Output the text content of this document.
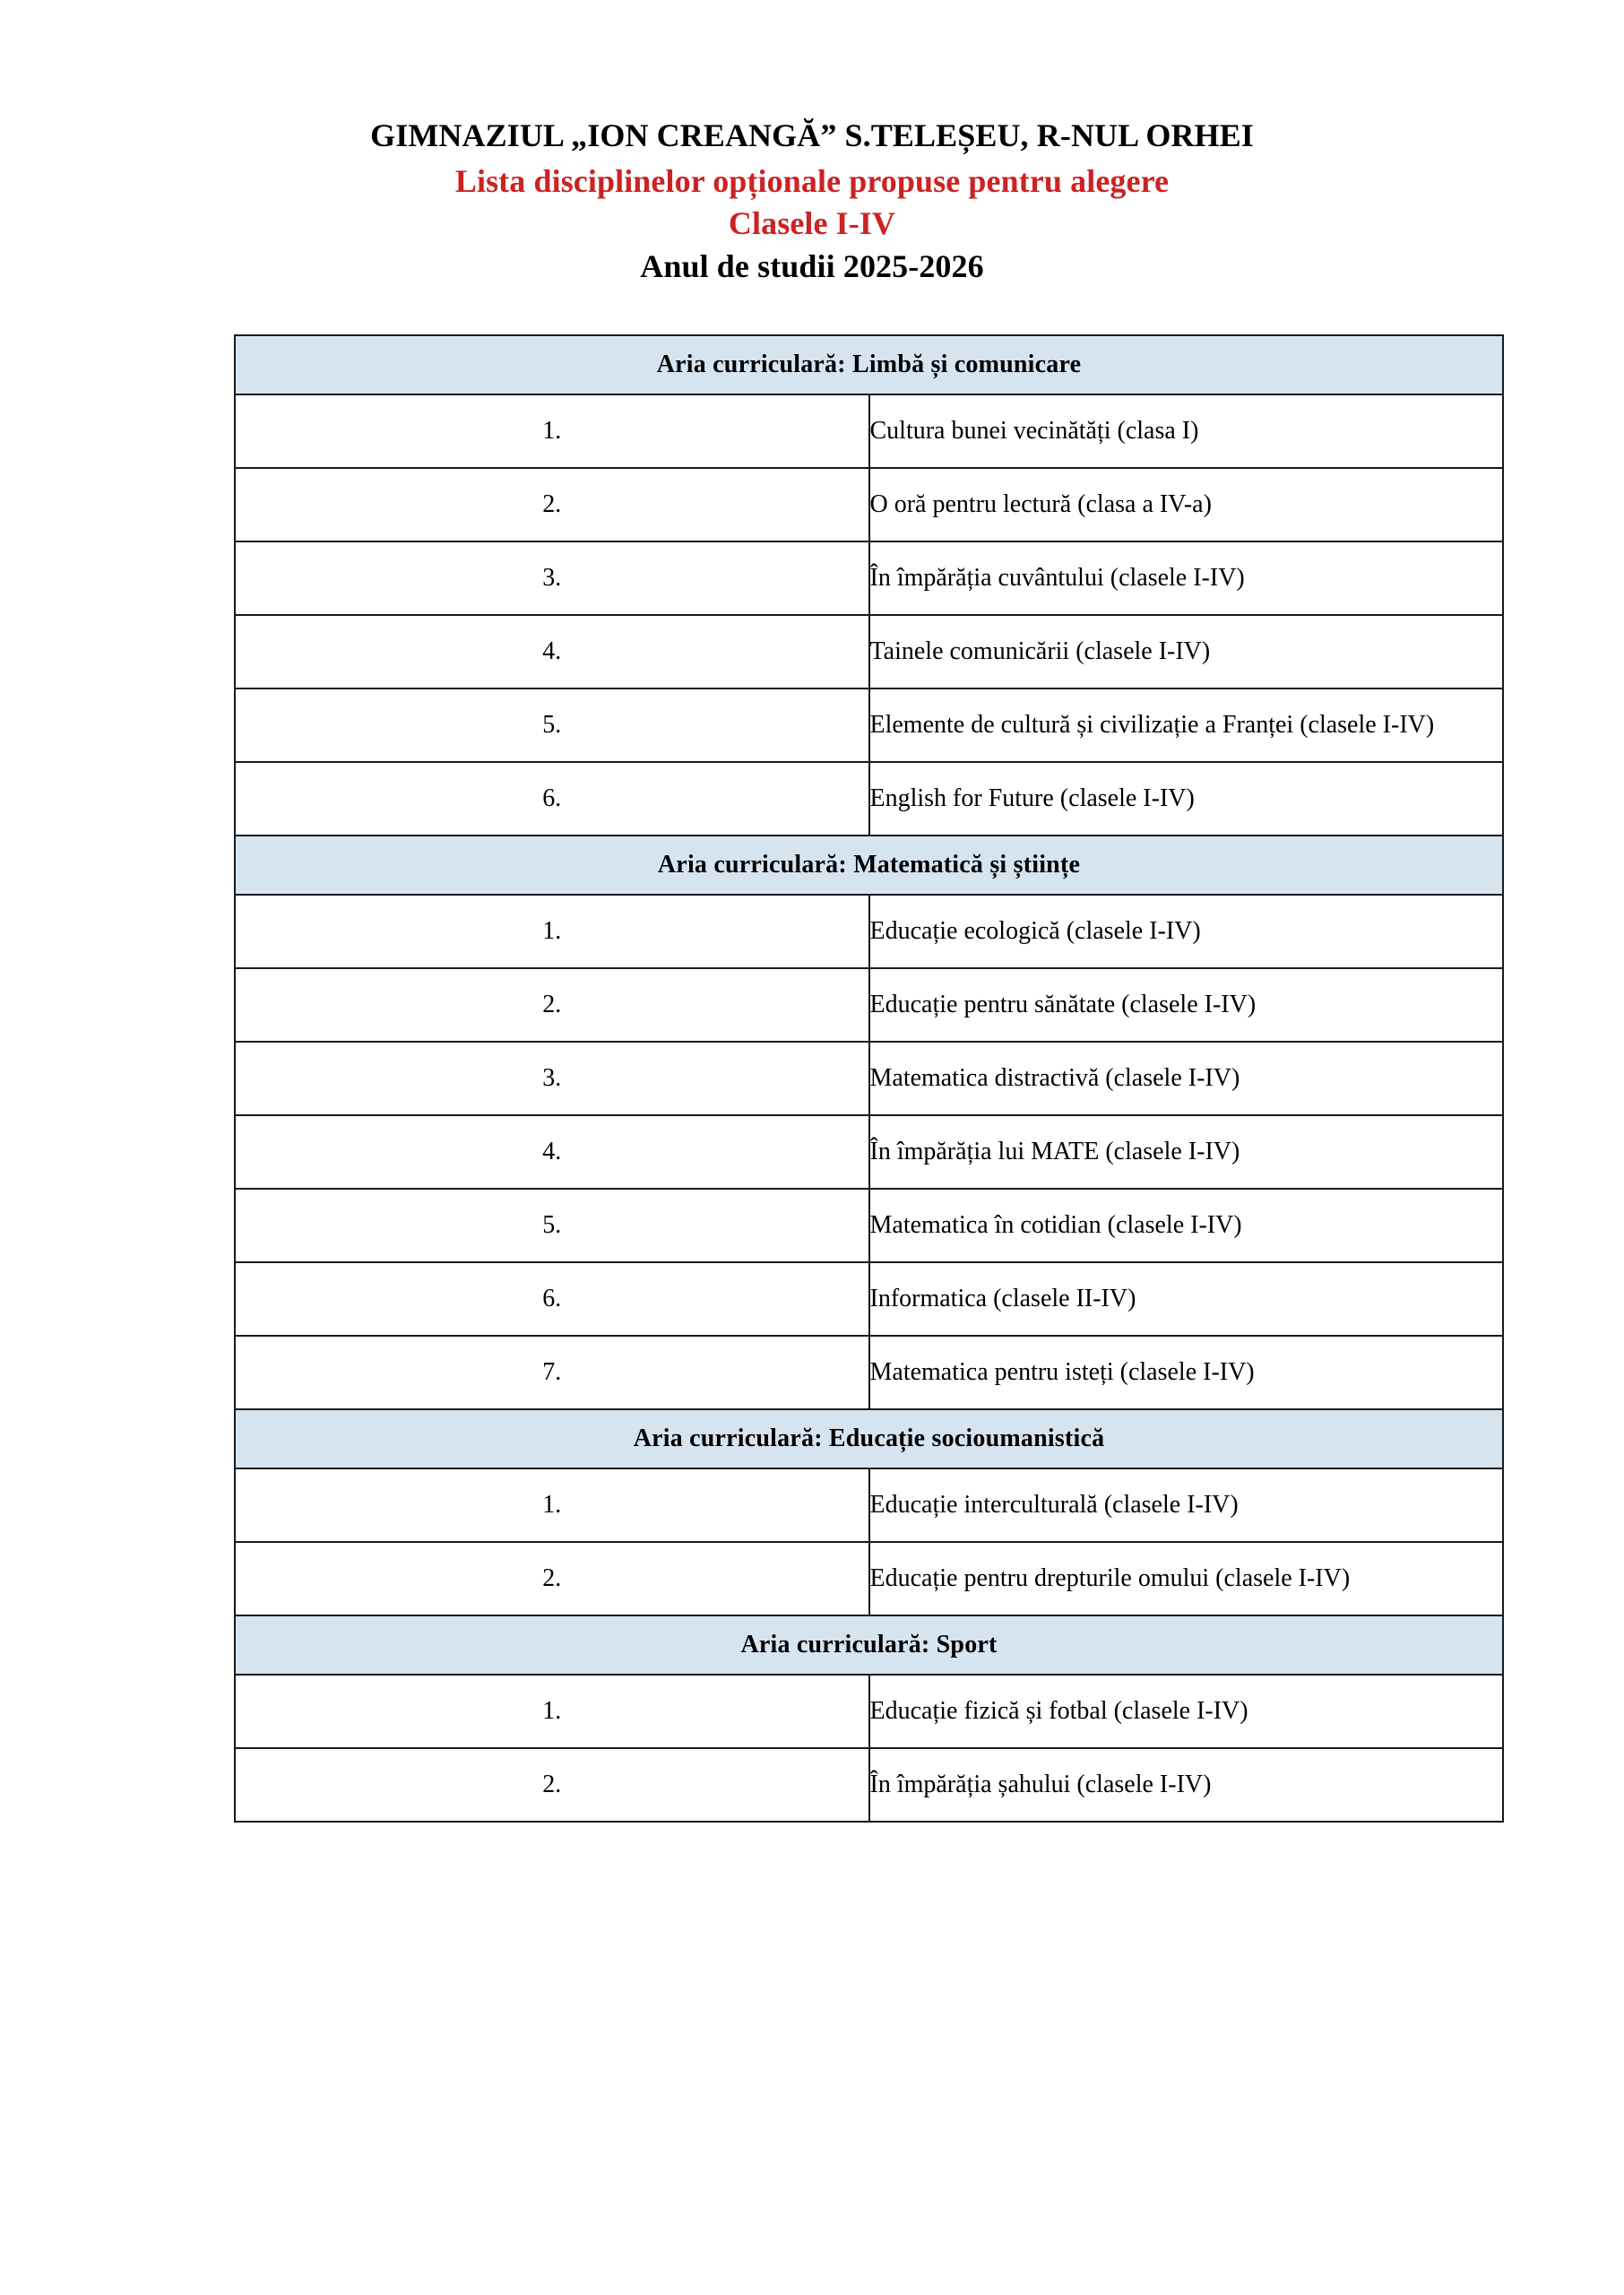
GIMNAZIUL „ION CREANGĂ” S.TELEȘEU, R-NUL ORHEI
Lista disciplinelor opționale propuse pentru alegere
Clasele I-IV
Anul de studii 2025-2026
Aria curriculară: Limbă și comunicare	
1.	Cultura bunei vecinătăți (clasa I)
2.	O oră pentru lectură (clasa a IV-a)
3.	În împărăția cuvântului (clasele I-IV)
4.	Tainele comunicării (clasele I-IV)
5.	Elemente de cultură și civilizație a Franței (clasele I-IV)
6.	English for Future (clasele I-IV)
Aria curriculară: Matematică și științe	
1.	Educație ecologică (clasele I-IV)
2.	Educație pentru sănătate (clasele I-IV)
3.	Matematica distractivă (clasele I-IV)
4.	În împărăția lui MATE (clasele I-IV)
5.	Matematica în cotidian (clasele I-IV)
6.	Informatica (clasele II-IV)
7.	Matematica pentru isteți (clasele I-IV)
Aria curriculară: Educație socioumanistică	
1.	Educație interculturală (clasele I-IV)
2.	Educație pentru drepturile omului (clasele I-IV)
Aria curriculară: Sport	
1.	Educație fizică și fotbal (clasele I-IV)
2.	În împărăția șahului (clasele I-IV)
